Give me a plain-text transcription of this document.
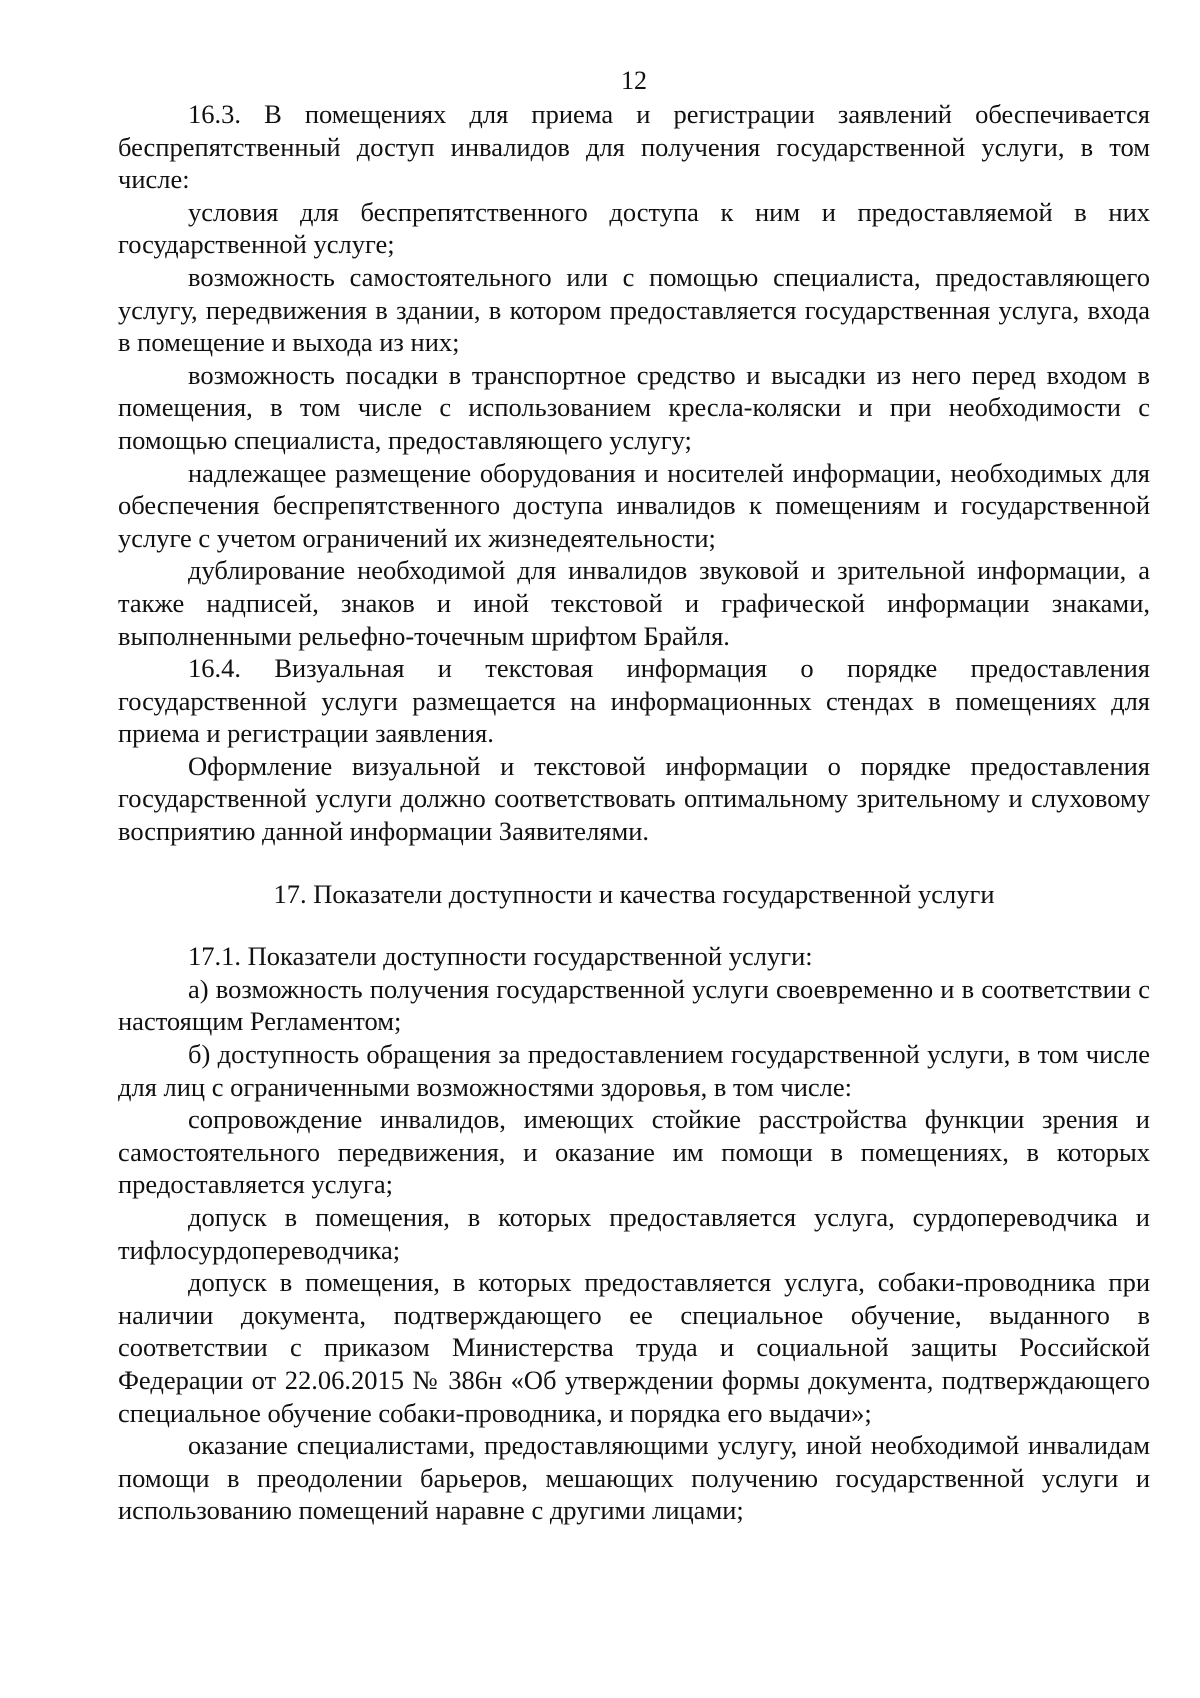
12

16.3. В помещениях для приема и регистрации заявлений обеспечивается беспрепятственный доступ инвалидов для получения государственной услуги, в том числе:

условия для беспрепятственного доступа к ним и предоставляемой в них государственной услуге;

возможность самостоятельного или с помощью специалиста, предоставляющего услугу, передвижения в здании, в котором предоставляется государственная услуга, входа в помещение и выхода из них;

возможность посадки в транспортное средство и высадки из него перед входом в помещения, в том числе с использованием кресла-коляски и при необходимости с помощью специалиста, предоставляющего услугу;

надлежащее размещение оборудования и носителей информации, необходимых для обеспечения беспрепятственного доступа инвалидов к помещениям и государственной услуге с учетом ограничений их жизнедеятельности;

дублирование необходимой для инвалидов звуковой и зрительной информации, а также надписей, знаков и иной текстовой и графической информации знаками, выполненными рельефно-точечным шрифтом Брайля.

16.4. Визуальная и текстовая информация о порядке предоставления государственной услуги размещается на информационных стендах в помещениях для приема и регистрации заявления.

Оформление визуальной и текстовой информации о порядке предоставления государственной услуги должно соответствовать оптимальному зрительному и слуховому восприятию данной информации Заявителями.

17. Показатели доступности и качества государственной услуги

17.1. Показатели доступности государственной услуги:

а) возможность получения государственной услуги своевременно и в соответствии с настоящим Регламентом;

б) доступность обращения за предоставлением государственной услуги, в том числе для лиц с ограниченными возможностями здоровья, в том числе:

сопровождение инвалидов, имеющих стойкие расстройства функции зрения и самостоятельного передвижения, и оказание им помощи в помещениях, в которых предоставляется услуга;

допуск в помещения, в которых предоставляется услуга, сурдопереводчика и тифлосурдопереводчика;

допуск в помещения, в которых предоставляется услуга, собаки-проводника при наличии документа, подтверждающего ее специальное обучение, выданного в соответствии с приказом Министерства труда и социальной защиты Российской Федерации от 22.06.2015 № 386н «Об утверждении формы документа, подтверждающего специальное обучение собаки-проводника, и порядка его выдачи»;

оказание специалистами, предоставляющими услугу, иной необходимой инвалидам помощи в преодолении барьеров, мешающих получению государственной услуги и использованию помещений наравне с другими лицами;
